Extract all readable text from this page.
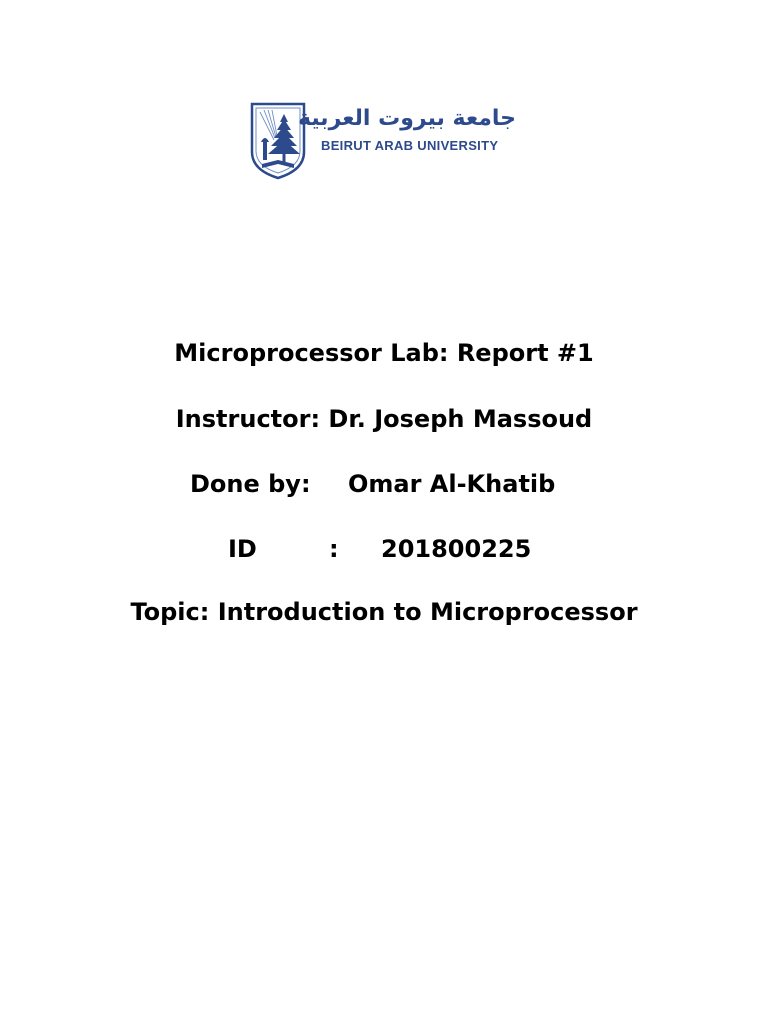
جامعة بيروت العربية
BEIRUT ARAB UNIVERSITY
Microprocessor Lab: Report #1
Instructor: Dr. Joseph Massoud
Done by: Omar Al-Khatib
ID	: 201800225
Topic: Introduction to Microprocessor
